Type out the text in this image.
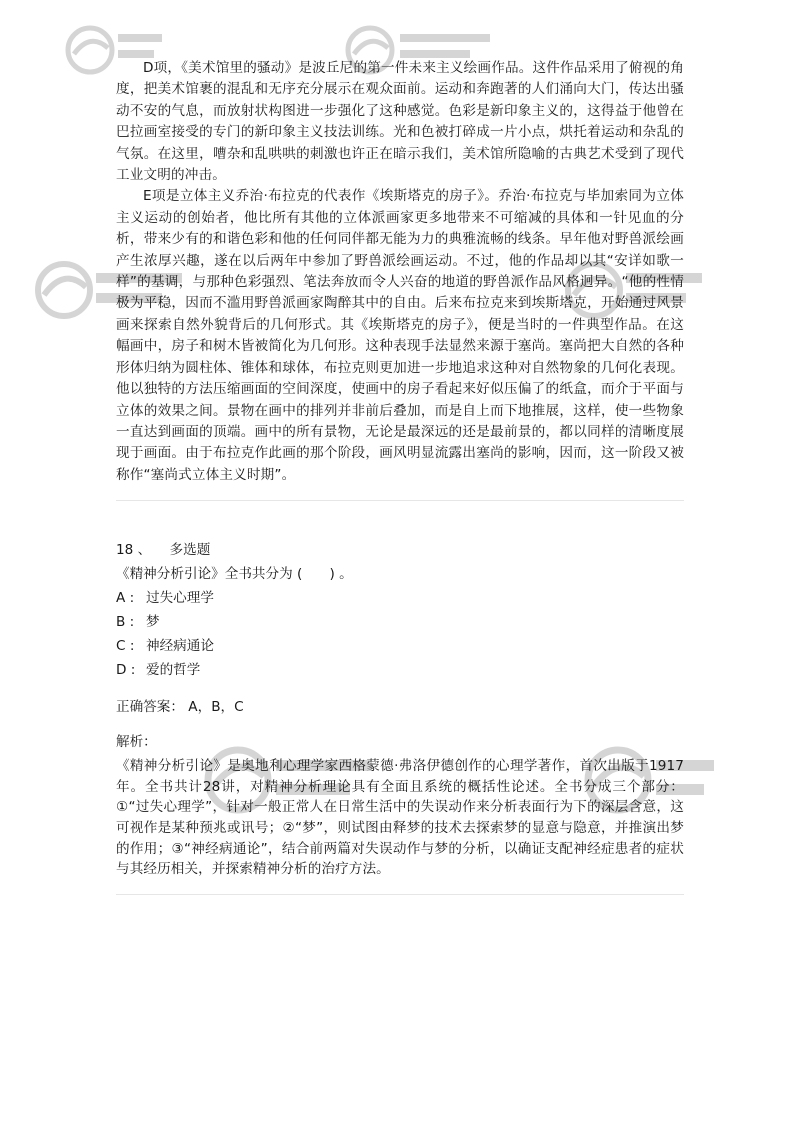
D项，《美术馆里的骚动》是波丘尼的第一件未来主义绘画作品。这件作品采用了俯视的角度，把美术馆裹的混乱和无序充分展示在观众面前。运动和奔跑著的人们涌向大门，传达出骚动不安的气息，而放射状构图进一步强化了这种感觉。色彩是新印象主义的，这得益于他曾在巴拉画室接受的专门的新印象主义技法训练。光和色被打碎成一片小点，烘托着运动和杂乱的气氛。在这里，嘈杂和乱哄哄的刺激也许正在暗示我们，美术馆所隐喻的古典艺术受到了现代工业文明的冲击。

E项是立体主义乔治·布拉克的代表作《埃斯塔克的房子》。乔治·布拉克与毕加索同为立体主义运动的创始者，他比所有其他的立体派画家更多地带来不可缩减的具体和一针见血的分析，带来少有的和谐色彩和他的任何同伴都无能为力的典雅流畅的线条。早年他对野兽派绘画产生浓厚兴趣，遂在以后两年中参加了野兽派绘画运动。不过，他的作品却以其“安详如歌一样”的基调，与那种色彩强烈、笔法奔放而令人兴奋的地道的野兽派作品风格迥异。“他的性情极为平稳，因而不滥用野兽派画家陶醉其中的自由。后来布拉克来到埃斯塔克，开始通过风景画来探索自然外貌背后的几何形式。其《埃斯塔克的房子》，便是当时的一件典型作品。在这幅画中，房子和树木皆被简化为几何形。这种表现手法显然来源于塞尚。塞尚把大自然的各种形体归纳为圆柱体、锥体和球体，布拉克则更加进一步地追求这种对自然物象的几何化表现。他以独特的方法压缩画面的空间深度，使画中的房子看起来好似压偏了的纸盒，而介于平面与立体的效果之间。景物在画中的排列并非前后叠加，而是自上而下地推展，这样，使一些物象一直达到画面的顶端。画中的所有景物，无论是最深远的还是最前景的，都以同样的清晰度展现于画面。由于布拉克作此画的那个阶段，画风明显流露出塞尚的影响，因而，这一阶段又被称作“塞尚式立体主义时期”。

18 、 多选题
《精神分析引论》全书共分为 (　　) 。
A : 过失心理学
B : 梦
C : 神经病通论
D : 爱的哲学
正确答案： A，B，C
解析：

《精神分析引论》是奥地利心理学家西格蒙德·弗洛伊德创作的心理学著作，首次出版于1917年。全书共计28讲，对精神分析理论具有全面且系统的概括性论述。全书分成三个部分：①“过失心理学”，针对一般正常人在日常生活中的失误动作来分析表面行为下的深层含意，这可视作是某种预兆或讯号；②“梦”，则试图由释梦的技术去探索梦的显意与隐意，并推演出梦的作用；③“神经病通论”，结合前两篇对失误动作与梦的分析，以确证支配神经症患者的症状与其经历相关，并探索精神分析的治疗方法。
